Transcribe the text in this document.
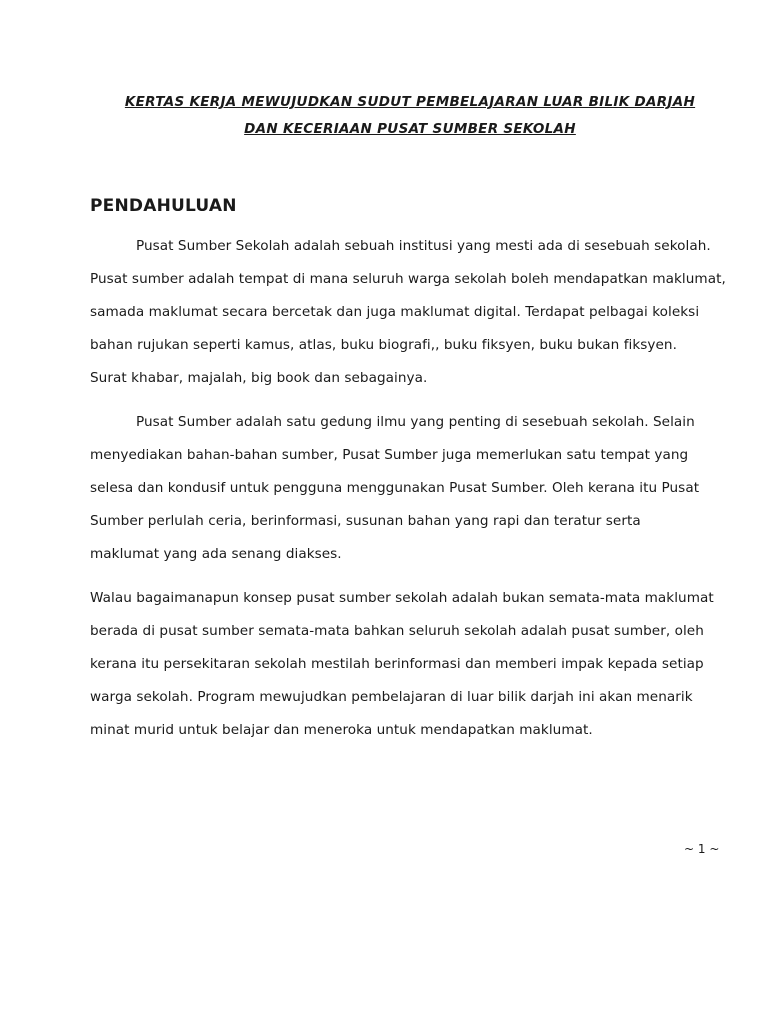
KERTAS KERJA MEWUJUDKAN SUDUT PEMBELAJARAN LUAR BILIK DARJAH
DAN KECERIAAN PUSAT SUMBER SEKOLAH
PENDAHULUAN
Pusat Sumber Sekolah adalah sebuah institusi yang mesti ada di sesebuah sekolah.
Pusat sumber adalah tempat di mana seluruh warga sekolah boleh mendapatkan maklumat,
samada maklumat secara bercetak dan juga maklumat digital. Terdapat pelbagai koleksi
bahan rujukan seperti kamus, atlas, buku biografi,, buku fiksyen, buku bukan fiksyen.
Surat khabar, majalah, big book dan sebagainya.
Pusat Sumber adalah satu gedung ilmu yang penting di sesebuah sekolah. Selain
menyediakan bahan-bahan sumber, Pusat Sumber juga memerlukan satu tempat yang
selesa dan kondusif untuk pengguna menggunakan Pusat Sumber. Oleh kerana itu Pusat
Sumber perlulah ceria, berinformasi, susunan bahan yang rapi dan teratur serta
maklumat yang ada senang diakses.
Walau bagaimanapun konsep pusat sumber sekolah adalah bukan semata-mata maklumat
berada di pusat sumber semata-mata bahkan seluruh sekolah adalah pusat sumber, oleh
kerana itu persekitaran sekolah mestilah berinformasi dan memberi impak kepada setiap
warga sekolah. Program mewujudkan pembelajaran di luar bilik darjah ini akan menarik
minat murid untuk belajar dan meneroka untuk mendapatkan maklumat.
~ 1 ~
